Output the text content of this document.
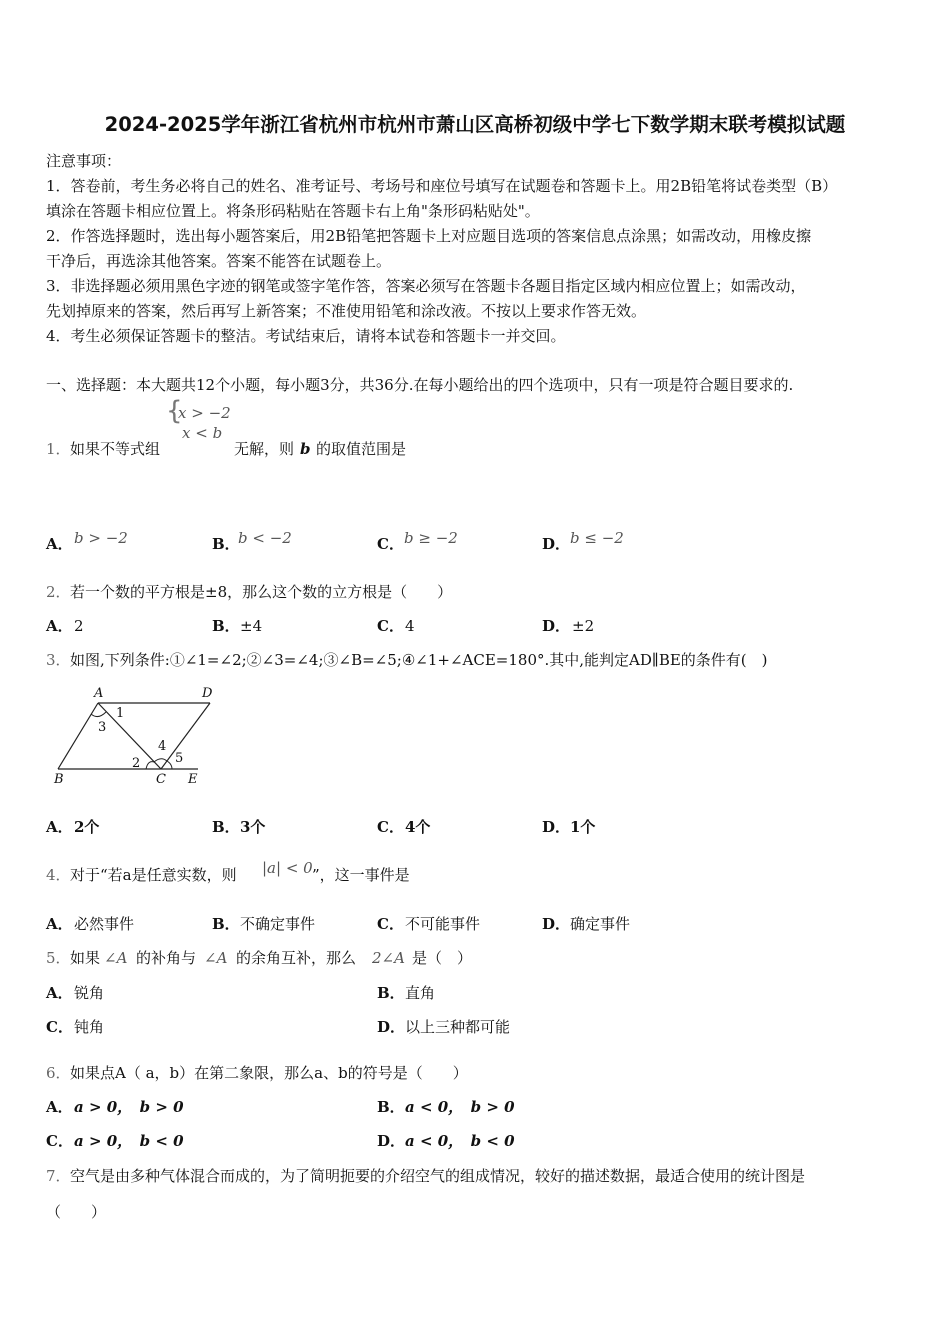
2024-2025学年浙江省杭州市杭州市萧山区高桥初级中学七下数学期末联考模拟试题
注意事项：
1．答卷前，考生务必将自己的姓名、准考证号、考场号和座位号填写在试题卷和答题卡上。用2B铅笔将试卷类型（B）
填涂在答题卡相应位置上。将条形码粘贴在答题卡右上角"条形码粘贴处"。
2．作答选择题时，选出每小题答案后，用2B铅笔把答题卡上对应题目选项的答案信息点涂黑；如需改动，用橡皮擦
干净后，再选涂其他答案。答案不能答在试题卷上。
3．非选择题必须用黑色字迹的钢笔或签字笔作答，答案必须写在答题卡各题目指定区域内相应位置上；如需改动，
先划掉原来的答案，然后再写上新答案；不准使用铅笔和涂改液。不按以上要求作答无效。
4．考生必须保证答题卡的整洁。考试结束后，请将本试卷和答题卡一并交回。
一、选择题：本大题共12个小题，每小题3分，共36分.在每小题给出的四个选项中，只有一项是符合题目要求的.
1． 如果不等式组
{
x > −2
x < b
无解，则 b 的取值范围是
A． b > −2	B．
b < −2	C． b ≥ −2	D． b ≤ −2
2． 若一个数的平方根是±8，那么这个数的立方根是（　　）
A． 2	B． ±4	C． 4	D． ±2
3． 如图,下列条件:①∠1=∠2;②∠3=∠4;③∠B=∠5;④∠1+∠ACE=180°.其中,能判定AD∥BE的条件有(　)
A	D
B	C E
1
3
2
4
5
A． 2个	B． 3个	C． 4个	D． 1个
4． 对于“若a是任意实数，则 |a| < 0 ”，这一事件是
A． 必然事件	B． 不确定事件	C． 不可能事件	D． 确定事件
5． 如果 ∠A 的补角与 ∠A 的余角互补，那么 2∠A 是（　）
A． 锐角	B． 直角
C． 钝角	D． 以上三种都可能
6． 如果点A（ a，b）在第二象限，那么a、b的符号是（　　）
A． a > 0，　b > 0	B． a < 0，　b > 0
C． a > 0，　b < 0	D． a < 0，　b < 0
7． 空气是由多种气体混合而成的，为了简明扼要的介绍空气的组成情况，较好的描述数据，最适合使用的统计图是
（　　）
